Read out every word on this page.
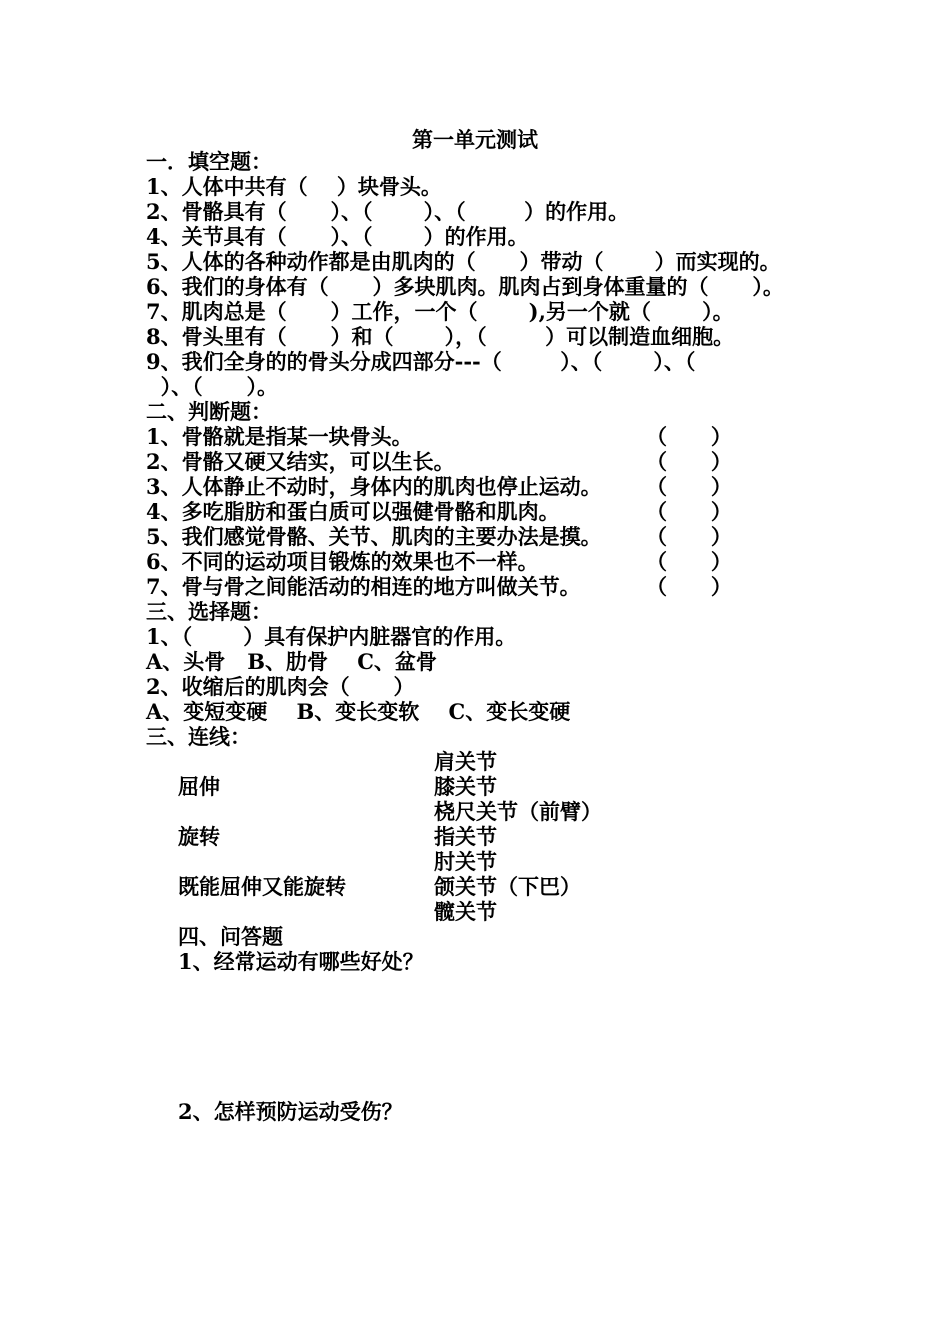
第一单元测试
一．填空题：
1、人体中共有（    ）块骨头。
2、骨骼具有（      ）、（       ）、（        ）的作用。
4、关节具有（      ）、（       ）的作用。
5、人体的各种动作都是由肌肉的（      ）带动（       ）而实现的。
6、我们的身体有（      ）多块肌肉。肌肉占到身体重量的（      ）。
7、肌肉总是（      ）工作，一个（       ),另一个就（       ）。
8、骨头里有（      ）和（       ），（        ）可以制造血细胞。
9、我们全身的的骨头分成四部分---（        ）、（       ）、（
）、（      ）。
二、判断题：
1、骨骼就是指某一块骨头。	（      ）
2、骨骼又硬又结实，可以生长。	（      ）
3、人体静止不动时，身体内的肌肉也停止运动。 （      ）
4、多吃脂肪和蛋白质可以强健骨骼和肌肉。	（      ）
5、我们感觉骨骼、关节、肌肉的主要办法是摸。 （      ）
6、不同的运动项目锻炼的效果也不一样。	（      ）
7、骨与骨之间能活动的相连的地方叫做关节。	（      ）
三、选择题：
1、（       ）具有保护内脏器官的作用。
A、头骨   B、肋骨    C、盆骨
2、收缩后的肌肉会（      ）
A、变短变硬    B、变长变软    C、变长变硬
三、连线：
肩关节
屈伸	膝关节
桡尺关节（前臂）
旋转	指关节
肘关节
既能屈伸又能旋转	颌关节（下巴）
髋关节
四、问答题
1、经常运动有哪些好处？
2、怎样预防运动受伤？
